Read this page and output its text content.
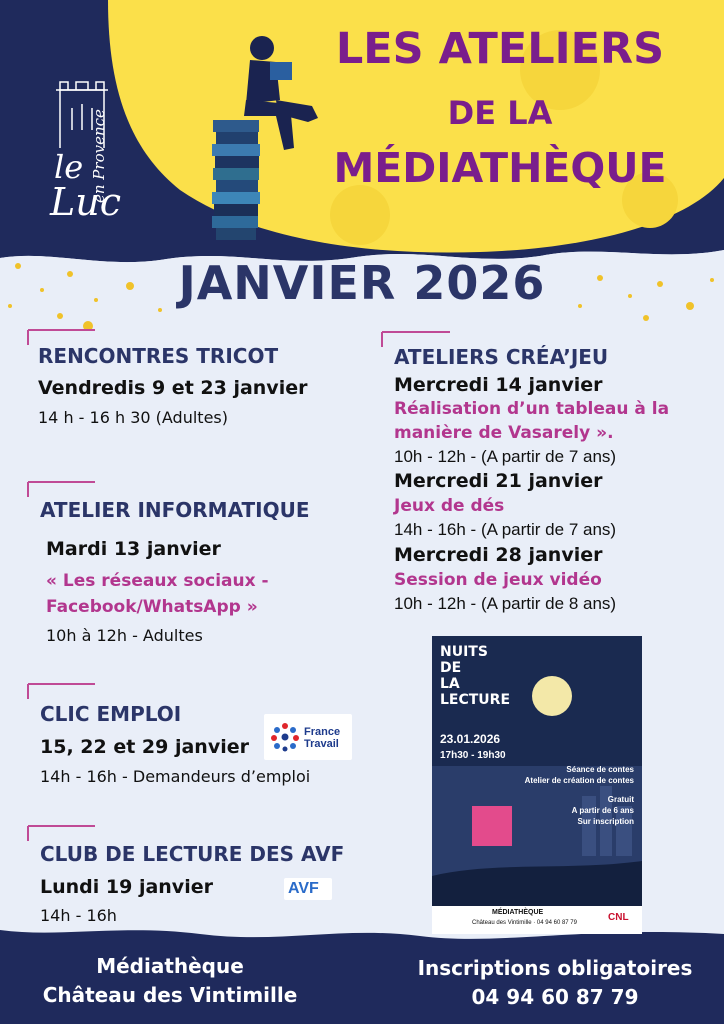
le
Luc
en Provence
LES ATELIERS
DE LA
MÉDIATHÈQUE
JANVIER 2026
RENCONTRES TRICOT
Vendredis 9 et 23 janvier
14 h - 16 h 30 (Adultes)
ATELIER INFORMATIQUE
Mardi 13 janvier
« Les réseaux sociaux -
Facebook/WhatsApp »
10h à 12h - Adultes
CLIC EMPLOI
15, 22 et 29 janvier
14h - 16h - Demandeurs d’emploi
France Travail
CLUB DE LECTURE DES AVF
Lundi 19 janvier
14h - 16h
AVF
ATELIERS CRÉA’JEU
Mercredi 14 janvier
Réalisation d’un tableau à la
manière de Vasarely ».
10h - 12h - (A partir de 7 ans)
Mercredi 21 janvier
Jeux de dés
14h - 16h - (A partir de 7 ans)
Mercredi 28 janvier
Session de jeux vidéo
10h - 12h - (A partir de 8 ans)
NUITS
DE
LA
LECTURE
23.01.2026
17h30 - 19h30
Séance de contes
Atelier de création de contes
Gratuit
A partir de 6 ans
Sur inscription
MÉDIATHÈQUE
Château des Vintimille · 04 94 60 87 79	CNL
Médiathèque
Château des Vintimille
Inscriptions obligatoires
04 94 60 87 79
